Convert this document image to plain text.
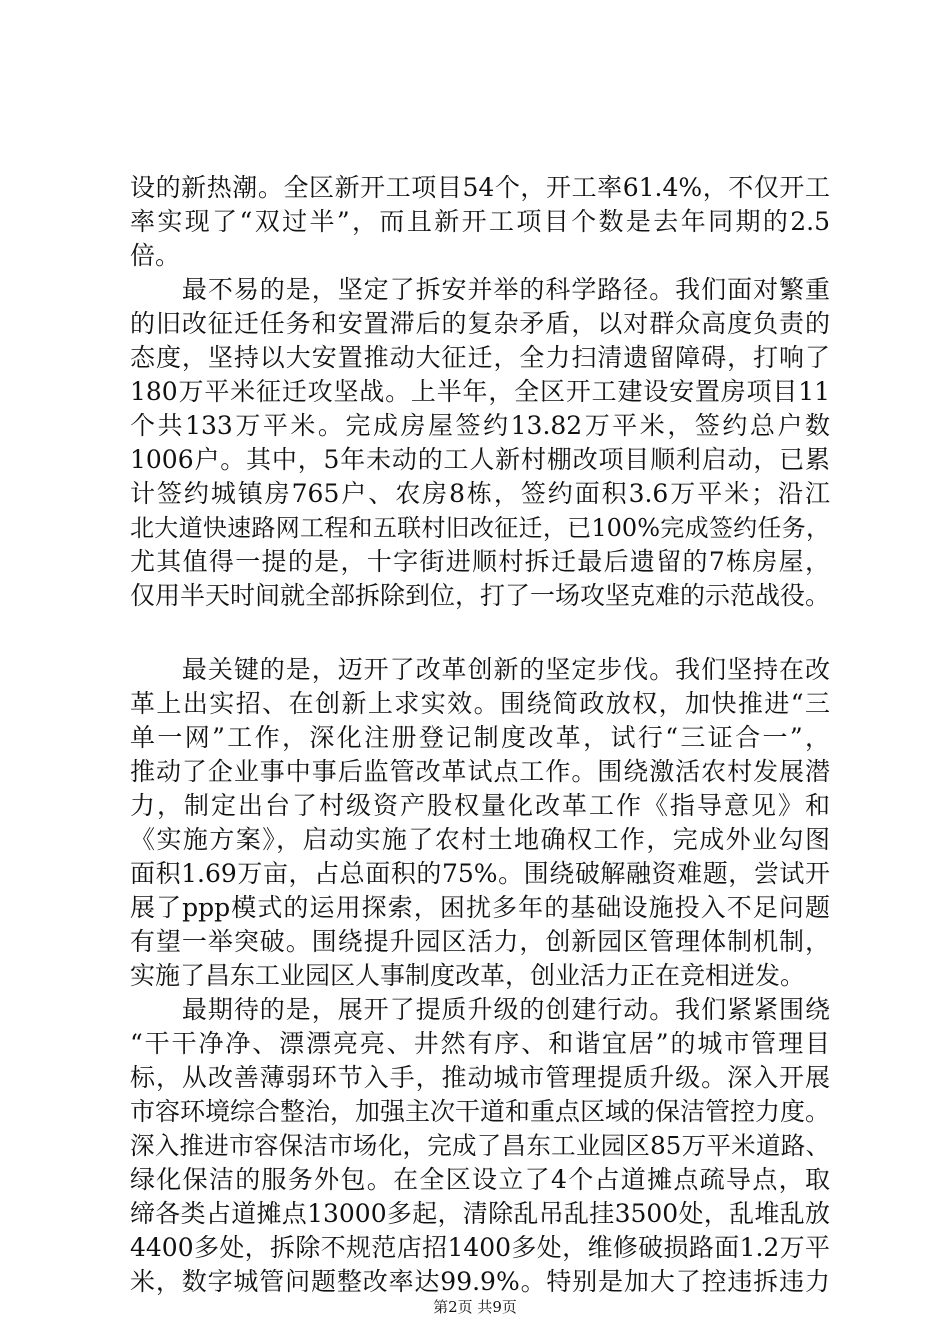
设的新热潮。全区新开工项目54个，开工率61.4%，不仅开工
率实现了“双过半”，而且新开工项目个数是去年同期的2.5
倍。
　　最不易的是，坚定了拆安并举的科学路径。我们面对繁重
的旧改征迁任务和安置滞后的复杂矛盾，以对群众高度负责的
态度，坚持以大安置推动大征迁，全力扫清遗留障碍，打响了
180万平米征迁攻坚战。上半年，全区开工建设安置房项目11
个共133万平米。完成房屋签约13.82万平米，签约总户数
1006户。其中，5年未动的工人新村棚改项目顺利启动，已累
计签约城镇房765户、农房8栋，签约面积3.6万平米；沿江
北大道快速路网工程和五联村旧改征迁，已100%完成签约任务，
尤其值得一提的是，十字街进顺村拆迁最后遗留的7栋房屋，
仅用半天时间就全部拆除到位，打了一场攻坚克难的示范战役。
　　最关键的是，迈开了改革创新的坚定步伐。我们坚持在改
革上出实招、在创新上求实效。围绕简政放权，加快推进“三
单一网”工作，深化注册登记制度改革，试行“三证合一”，
推动了企业事中事后监管改革试点工作。围绕激活农村发展潜
力，制定出台了村级资产股权量化改革工作《指导意见》和
《实施方案》，启动实施了农村土地确权工作，完成外业勾图
面积1.69万亩，占总面积的75%。围绕破解融资难题，尝试开
展了ppp模式的运用探索，困扰多年的基础设施投入不足问题
有望一举突破。围绕提升园区活力，创新园区管理体制机制，
实施了昌东工业园区人事制度改革，创业活力正在竞相迸发。
　　最期待的是，展开了提质升级的创建行动。我们紧紧围绕
“干干净净、漂漂亮亮、井然有序、和谐宜居”的城市管理目
标，从改善薄弱环节入手，推动城市管理提质升级。深入开展
市容环境综合整治，加强主次干道和重点区域的保洁管控力度。
深入推进市容保洁市场化，完成了昌东工业园区85万平米道路、
绿化保洁的服务外包。在全区设立了4个占道摊点疏导点，取
缔各类占道摊点13000多起，清除乱吊乱挂3500处，乱堆乱放
4400多处，拆除不规范店招1400多处，维修破损路面1.2万平
米，数字城管问题整改率达99.9%。特别是加大了控违拆违力
第2页 共9页
